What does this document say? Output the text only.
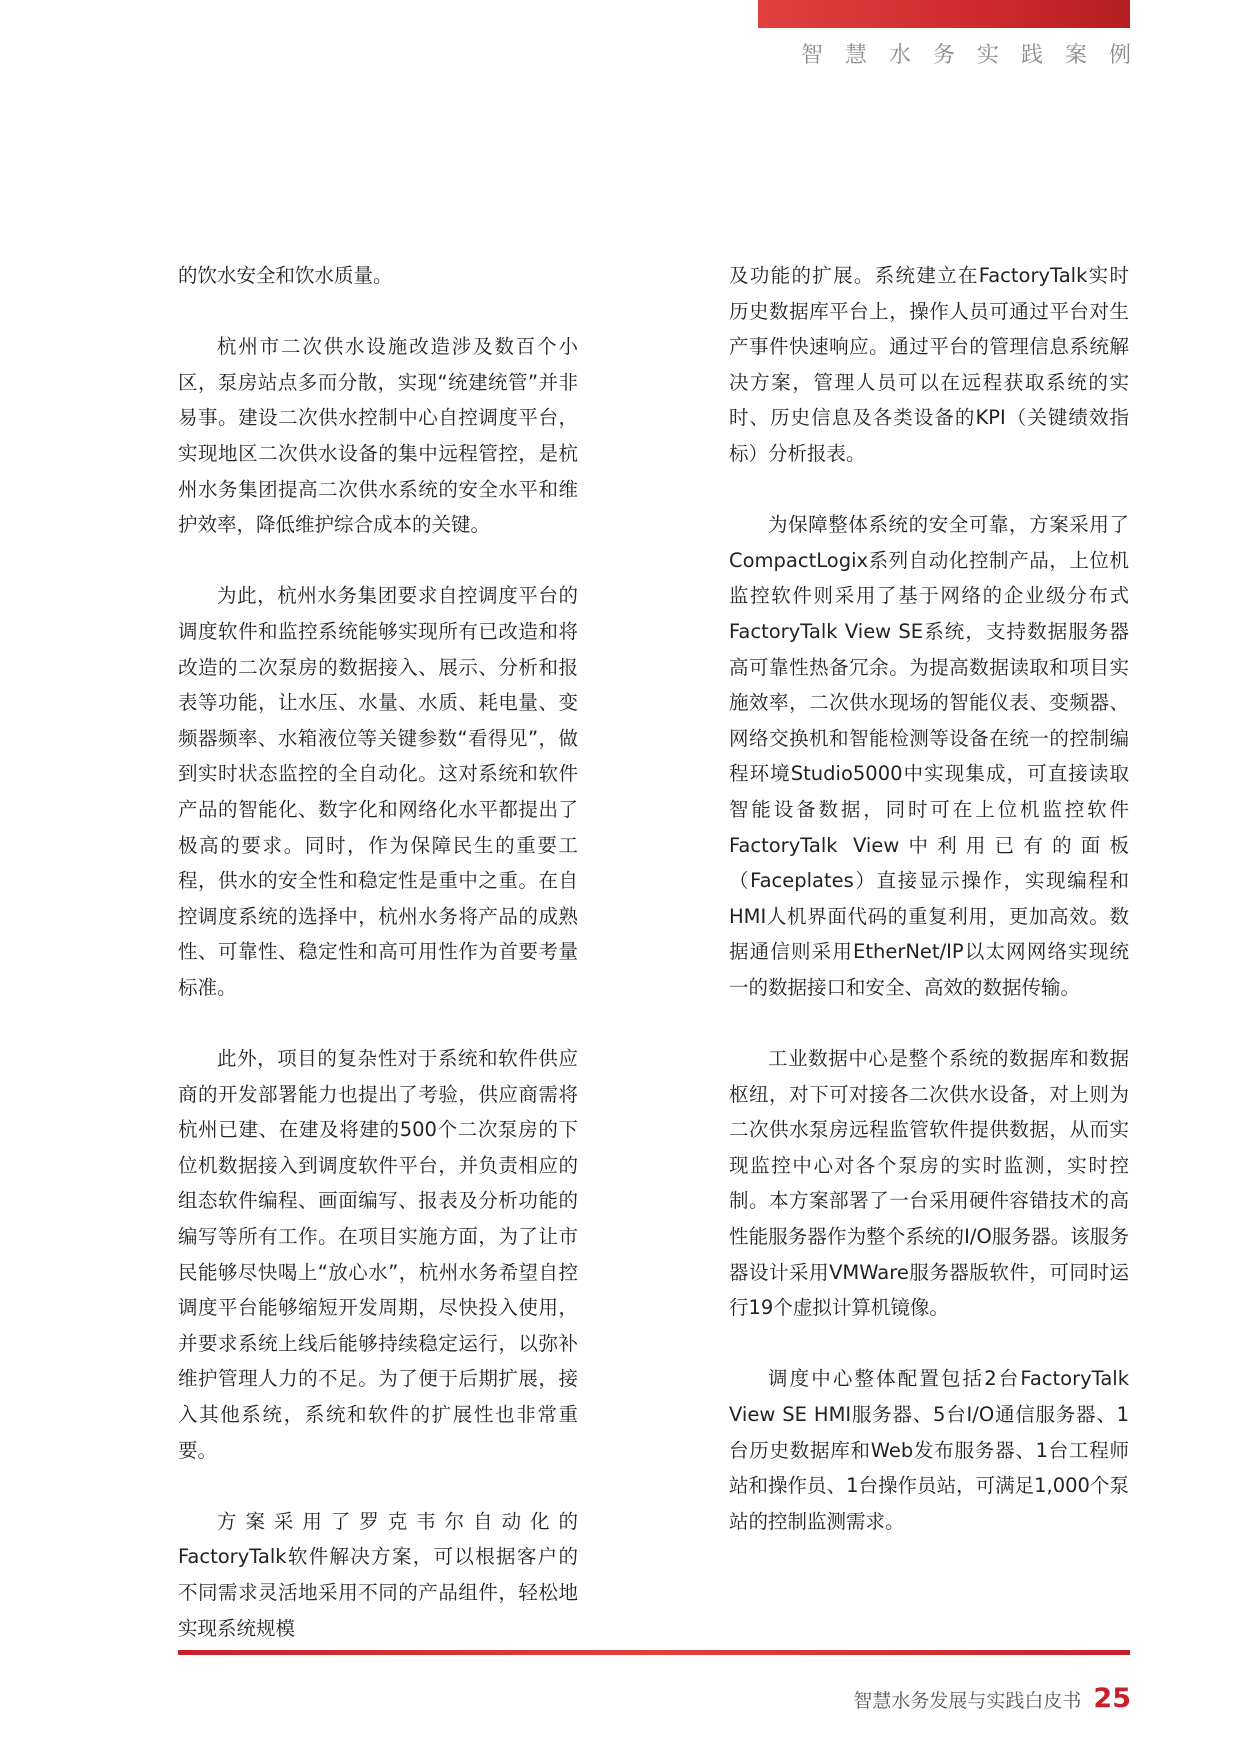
智慧水务实践案例

的饮水安全和饮水质量。

杭州市二次供水设施改造涉及数百个小区，泵房站点多而分散，实现“统建统管”并非易事。建设二次供水控制中心自控调度平台，实现地区二次供水设备的集中远程管控，是杭州水务集团提高二次供水系统的安全水平和维护效率，降低维护综合成本的关键。

为此，杭州水务集团要求自控调度平台的调度软件和监控系统能够实现所有已改造和将改造的二次泵房的数据接入、展示、分析和报表等功能，让水压、水量、水质、耗电量、变频器频率、水箱液位等关键参数“看得见”，做到实时状态监控的全自动化。这对系统和软件产品的智能化、数字化和网络化水平都提出了极高的要求。同时，作为保障民生的重要工程，供水的安全性和稳定性是重中之重。在自控调度系统的选择中，杭州水务将产品的成熟性、可靠性、稳定性和高可用性作为首要考量标准。

此外，项目的复杂性对于系统和软件供应商的开发部署能力也提出了考验，供应商需将杭州已建、在建及将建的500个二次泵房的下位机数据接入到调度软件平台，并负责相应的组态软件编程、画面编写、报表及分析功能的编写等所有工作。在项目实施方面，为了让市民能够尽快喝上“放心水”，杭州水务希望自控调度平台能够缩短开发周期，尽快投入使用，并要求系统上线后能够持续稳定运行，以弥补维护管理人力的不足。为了便于后期扩展，接入其他系统，系统和软件的扩展性也非常重要。

方案采用了罗克韦尔自动化的FactoryTalk软件解决方案，可以根据客户的不同需求灵活地采用不同的产品组件，轻松地实现系统规模

及功能的扩展。系统建立在FactoryTalk实时历史数据库平台上，操作人员可通过平台对生产事件快速响应。通过平台的管理信息系统解决方案，管理人员可以在远程获取系统的实时、历史信息及各类设备的KPI（关键绩效指标）分析报表。

为保障整体系统的安全可靠，方案采用了CompactLogix系列自动化控制产品，上位机监控软件则采用了基于网络的企业级分布式FactoryTalk View SE系统，支持数据服务器高可靠性热备冗余。为提高数据读取和项目实施效率，二次供水现场的智能仪表、变频器、网络交换机和智能检测等设备在统一的控制编程环境Studio5000中实现集成，可直接读取智能设备数据，同时可在上位机监控软件FactoryTalk View中利用已有的面板（Faceplates）直接显示操作，实现编程和HMI人机界面代码的重复利用，更加高效。数据通信则采用EtherNet/IP以太网网络实现统一的数据接口和安全、高效的数据传输。

工业数据中心是整个系统的数据库和数据枢纽，对下可对接各二次供水设备，对上则为二次供水泵房远程监管软件提供数据，从而实现监控中心对各个泵房的实时监测，实时控制。本方案部署了一台采用硬件容错技术的高性能服务器作为整个系统的I/O服务器。该服务器设计采用VMWare服务器版软件，可同时运行19个虚拟计算机镜像。

调度中心整体配置包括2台FactoryTalk View SE HMI服务器、5台I/O通信服务器、1台历史数据库和Web发布服务器、1台工程师站和操作员、1台操作员站，可满足1,000个泵站的控制监测需求。

智慧水务发展与实践白皮书 25
